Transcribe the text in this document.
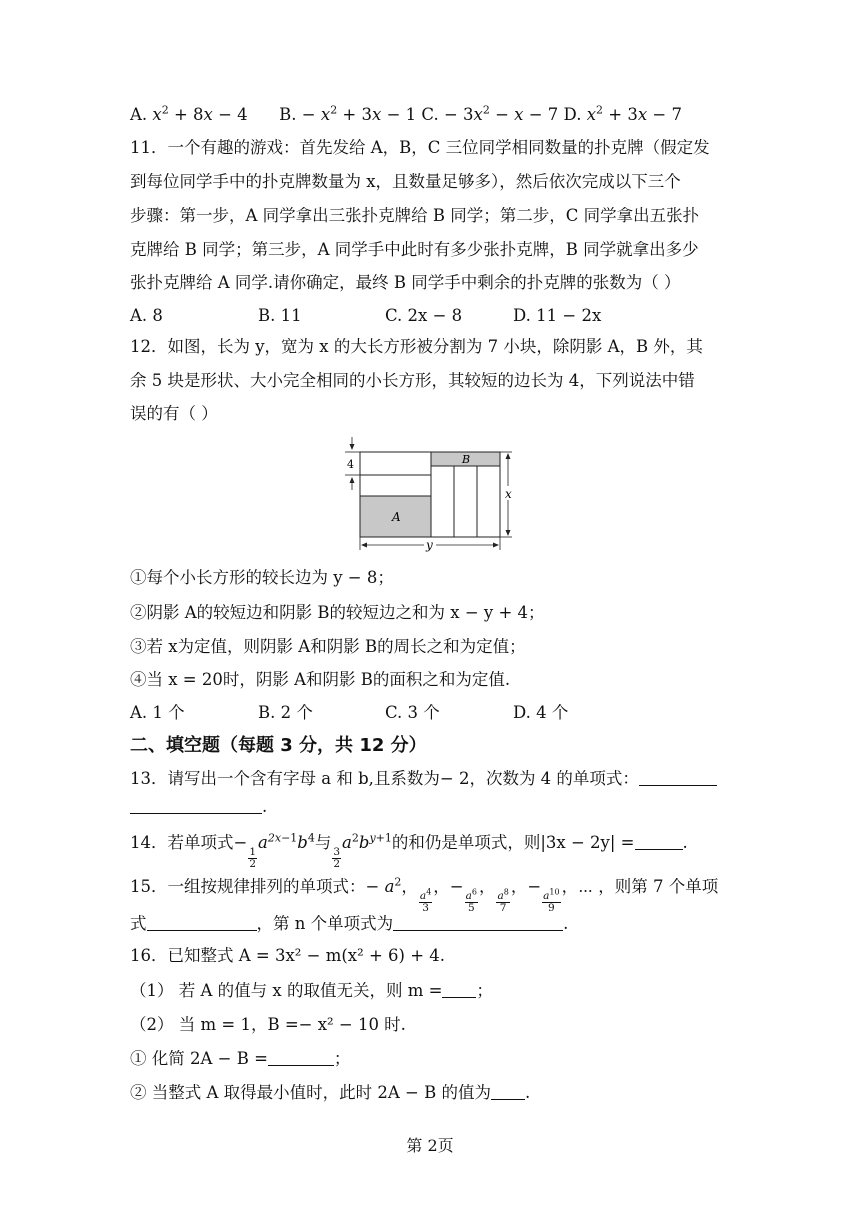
A. $x^2 + 8x - 4$ B. − $x^2 + 3x - 1$ C. − $3x^2 - x - 7$ D. $x^2 + 3x - 7$
11．一个有趣的游戏：首先发给 A，B，C 三位同学相同数量的扑克牌（假定发
到每位同学手中的扑克牌数量为 x，且数量足够多），然后依次完成以下三个
步骤：第一步，A 同学拿出三张扑克牌给 B 同学；第二步，C 同学拿出五张扑
克牌给 B 同学；第三步，A 同学手中此时有多少张扑克牌，B 同学就拿出多少
张扑克牌给 A 同学.请你确定，最终 B 同学手中剩余的扑克牌的张数为（ ）
A. 8	B. 11	C. 2x − 8	D. 11 − 2x
12．如图，长为 y，宽为 x 的大长方形被分割为 7 小块，除阴影 A，B 外，其
余 5 块是形状、大小完全相同的小长方形，其较短的边长为 4，下列说法中错
误的有（ ）
4
A
B
x
y
①每个小长方形的较长边为 y − 8；
②阴影 A的较短边和阴影 B的较短边之和为 x − y + 4；
③若 x为定值，则阴影 A和阴影 B的周长之和为定值；
④当 x = 20时，阴影 A和阴影 B的面积之和为定值.
A. 1 个	B. 2 个	C. 3 个	D. 4 个
二、填空题（每题 3 分，共 12 分）
13．请写出一个含有字母 a 和 b,且系数为− 2，次数为 4 的单项式：
.
14．若单项式−
$\frac{1}{2}$
$a^{2x-1}b^4$与
$\frac{3}{2}$
$a^2b^{y+1}$的和仍是单项式，则|3x − 2y| =	.
15．一组按规律排列的单项式：− $a^2$，
$\frac{a^4}{3}$
，−
$\frac{a^6}{5}$
，
$\frac{a^8}{7}$
，−
$\frac{a^{10}}{9}$
，⋯ ，则第 7 个单项
式	，第 n 个单项式为	.
16．已知整式 A = 3x² − m(x² + 6) + 4.
（1） 若 A 的值与 x 的取值无关，则 m = ；
（2） 当 m = 1，B =− x² − 10 时.
① 化简 2A − B =	；
② 当整式 A 取得最小值时，此时 2A − B 的值为 .
第 2页
